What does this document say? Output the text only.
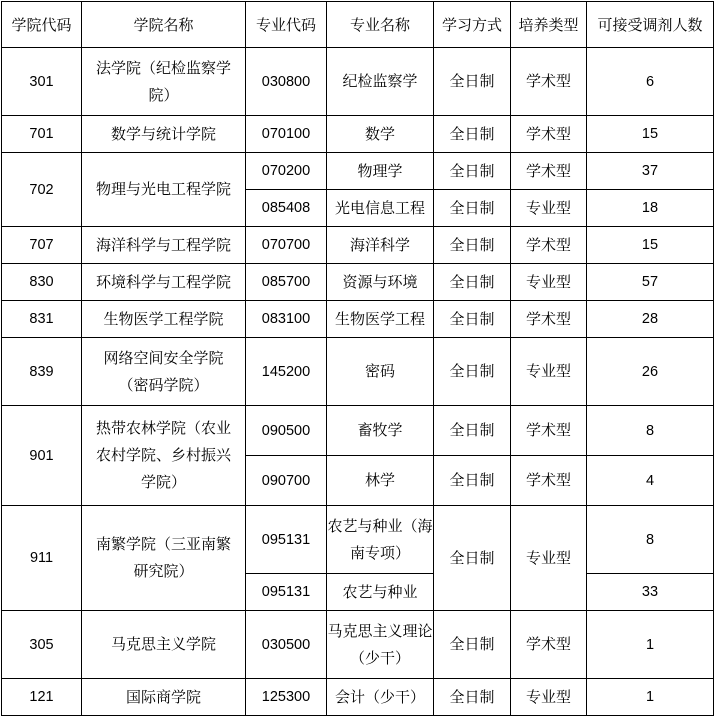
学院代码	学院名称	专业代码	专业名称	学习方式	培养类型	可接受调剂人数
301	法学院（纪检监察学院）	030800	纪检监察学	全日制	学术型	6
701	数学与统计学院	070100	数学	全日制	学术型	15
702	物理与光电工程学院	070200	物理学	全日制	学术型	37
		085408	光电信息工程	全日制	专业型	18
707	海洋科学与工程学院	070700	海洋科学	全日制	学术型	15
830	环境科学与工程学院	085700	资源与环境	全日制	专业型	57
831	生物医学工程学院	083100	生物医学工程	全日制	学术型	28
839	网络空间安全学院（密码学院）	145200	密码	全日制	专业型	26
901	热带农林学院（农业农村学院、乡村振兴学院）	090500	畜牧学	全日制	学术型	8
		090700	林学	全日制	学术型	4
911	南繁学院（三亚南繁研究院）	095131	农艺与种业（海南专项）	全日制	专业型	8
		095131	农艺与种业			33
305	马克思主义学院	030500	马克思主义理论（少干）	全日制	学术型	1
121	国际商学院	125300	会计（少干）	全日制	专业型	1
